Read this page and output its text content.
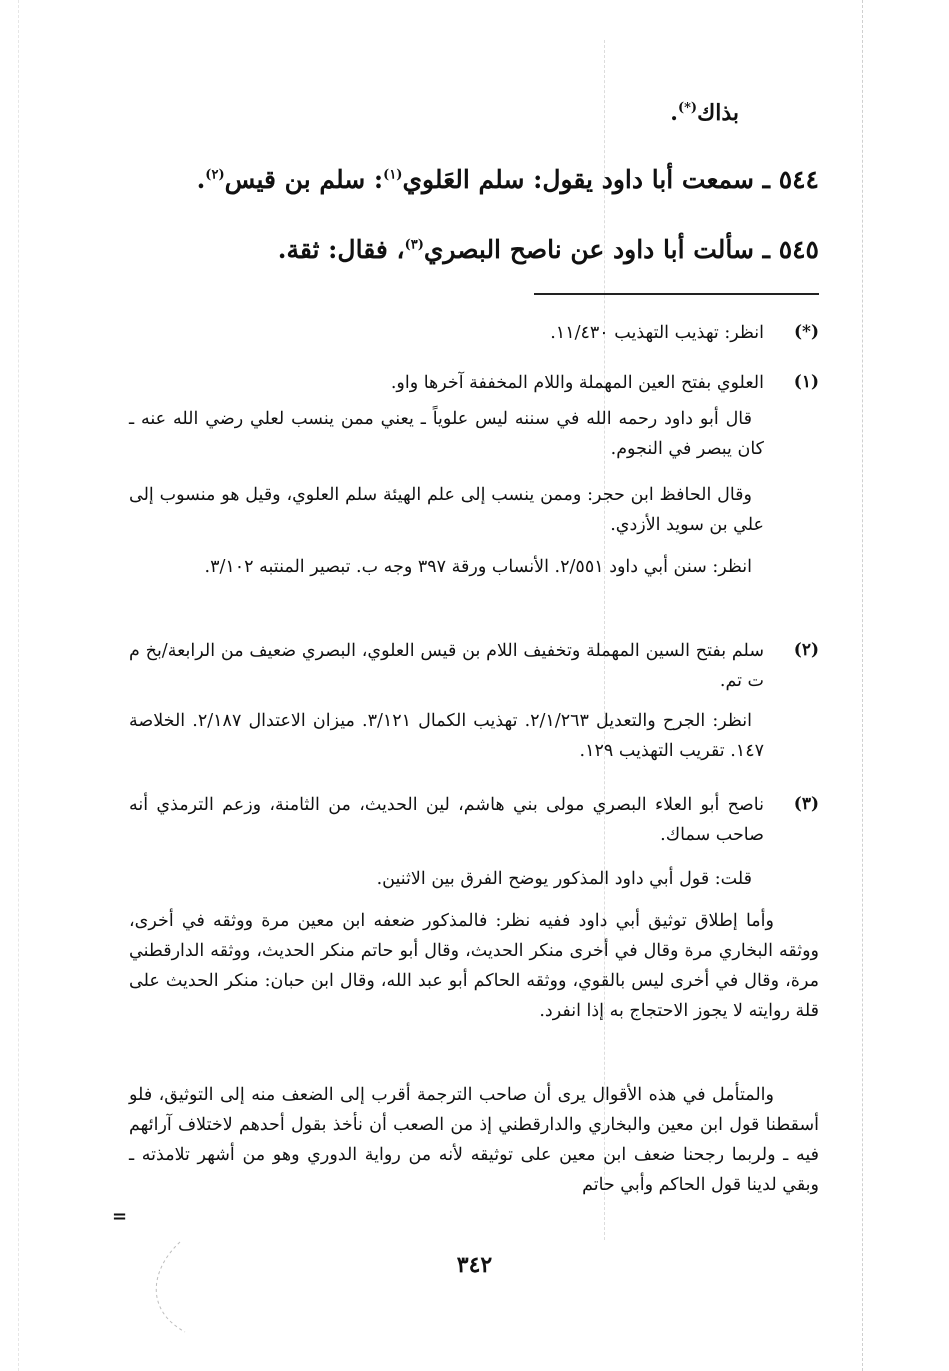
بذاك(*).
٥٤٤ ـ سمعت أبا داود يقول: سلم العَلوي$^{(١)}$: سلم بن قيس$^{(٢)}$.
٥٤٥ ـ سألت أبا داود عن ناصح البصري$^{(٣)}$، فقال: ثقة.
(*)
انظر: تهذيب التهذيب ١١/٤٣٠.
(١)
العلوي بفتح العين المهملة واللام المخففة آخرها واو.
قال أبو داود رحمه الله في سننه ليس علوياً ـ يعني ممن ينسب لعلي رضي الله عنه ـ كان يبصر في النجوم.
وقال الحافظ ابن حجر: وممن ينسب إلى علم الهيئة سلم العلوي، وقيل هو منسوب إلى علي بن سويد الأزدي.
انظر: سنن أبي داود ٢/٥٥١. الأنساب ورقة ٣٩٧ وجه ب. تبصير المنتبه ٣/١٠٢.
(٢)
سلم بفتح السين المهملة وتخفيف اللام بن قيس العلوي، البصري ضعيف من الرابعة/بخ م ت تم.
انظر: الجرح والتعديل ٢/١/٢٦٣. تهذيب الكمال ٣/١٢١. ميزان الاعتدال ٢/١٨٧. الخلاصة ١٤٧. تقريب التهذيب ١٢٩.
(٣)
ناصح أبو العلاء البصري مولى بني هاشم، لين الحديث، من الثامنة، وزعم الترمذي أنه صاحب سماك.
قلت: قول أبي داود المذكور يوضح الفرق بين الاثنين.
وأما إطلاق توثيق أبي داود ففيه نظر: فالمذكور ضعفه ابن معين مرة ووثقه في أخرى، ووثقه البخاري مرة وقال في أخرى منكر الحديث، وقال أبو حاتم منكر الحديث، ووثقه الدارقطني مرة، وقال في أخرى ليس بالقوي، ووثقه الحاكم أبو عبد الله، وقال ابن حبان: منكر الحديث على قلة روايته لا يجوز الاحتجاج به إذا انفرد.
والمتأمل في هذه الأقوال يرى أن صاحب الترجمة أقرب إلى الضعف منه إلى التوثيق، فلو أسقطنا قول ابن معين والبخاري والدارقطني إذ من الصعب أن نأخذ بقول أحدهم لاختلاف آرائهم فيه ـ ولربما رجحنا ضعف ابن معين على توثيقه لأنه من رواية الدوري وهو من أشهر تلامذته ـ وبقي لدينا قول الحاكم وأبي حاتم
=
٣٤٢
